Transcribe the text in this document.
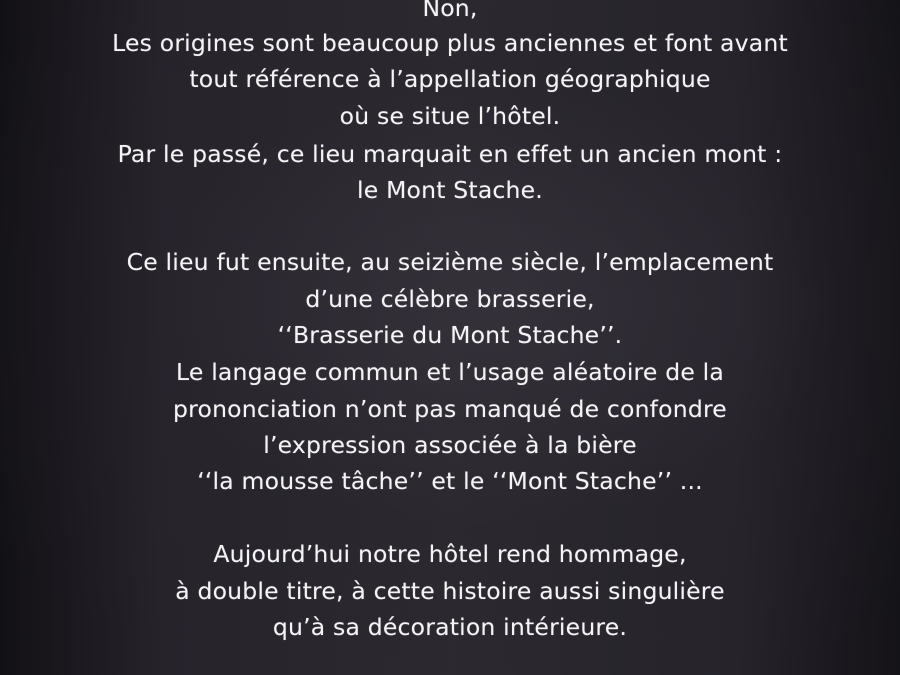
Non,
Les origines sont beaucoup plus anciennes et font avant
tout référence à l’appellation géographique
où se situe l’hôtel.
Par le passé, ce lieu marquait en effet un ancien mont :
le Mont Stache.
Ce lieu fut ensuite, au seizième siècle, l’emplacement
d’une célèbre brasserie,
‘‘Brasserie du Mont Stache’’.
Le langage commun et l’usage aléatoire de la
prononciation n’ont pas manqué de confondre
l’expression associée à la bière
‘‘la mousse tâche’’ et le ‘‘Mont Stache’’ ...
Aujourd’hui notre hôtel rend hommage,
à double titre, à cette histoire aussi singulière
qu’à sa décoration intérieure.
